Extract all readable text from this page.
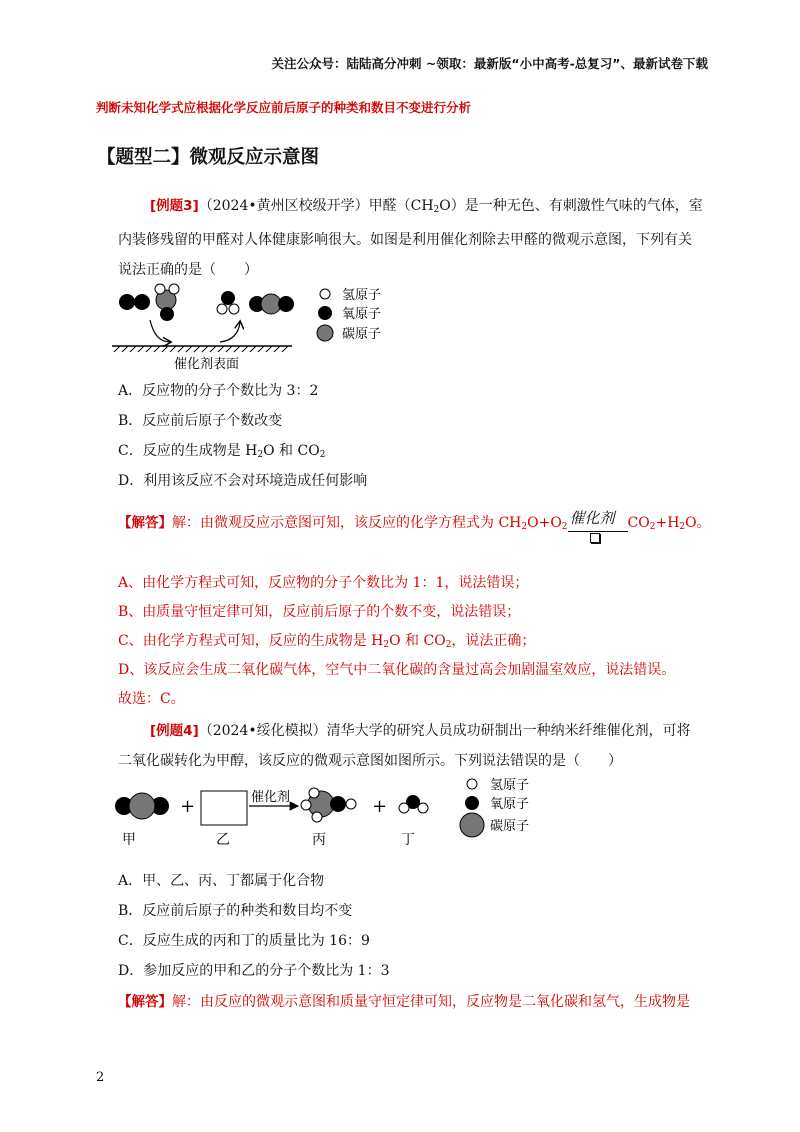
关注公众号：陆陆高分冲刺 ~领取：最新版“小中高考-总复习”、最新试卷下载
判断未知化学式应根据化学反应前后原子的种类和数目不变进行分析
【题型二】微观反应示意图
[例题3]（2024•黄州区校级开学）甲醛$(CH_2O)$是一种无色、有刺激性气味的气体，室内装修残留的甲醛对人体健康影响很大。如图是利用催化剂除去甲醛的微观示意图，下列有关说法正确的是（　　）
催化剂表面
氢原子
氧原子
碳原子
A．反应物的分子个数比为 3：2
B．反应前后原子个数改变
C．反应的生成物是 $H_2O$ 和 $CO_2$
D．利用该反应不会对环境造成任何影响
【解答】解：由微观反应示意图可知，该反应的化学方程式为 $CH_2O+O_2$ 催化剂 $CO_2+H_2O$。
A、由化学方程式可知，反应物的分子个数比为 1：1，说法错误；
B、由质量守恒定律可知，反应前后原子的个数不变，说法错误；
C、由化学方程式可知，反应的生成物是 $H_2O$ 和 $CO_2$，说法正确；
D、该反应会生成二氧化碳气体，空气中二氧化碳的含量过高会加剧温室效应，说法错误。
故选：C。
[例题4]（2024•绥化模拟）清华大学的研究人员成功研制出一种纳米纤维催化剂，可将
二氧化碳转化为甲醇，该反应的微观示意图如图所示。下列说法错误的是（　　）
甲
+
乙
催化剂
丙
+
丁
氢原子
氧原子
碳原子
A．甲、乙、丙、丁都属于化合物
B．反应前后原子的种类和数目均不变
C．反应生成的丙和丁的质量比为 16：9
D．参加反应的甲和乙的分子个数比为 1：3
【解答】解：由反应的微观示意图和质量守恒定律可知，反应物是二氧化碳和氢气，生成物是
2
